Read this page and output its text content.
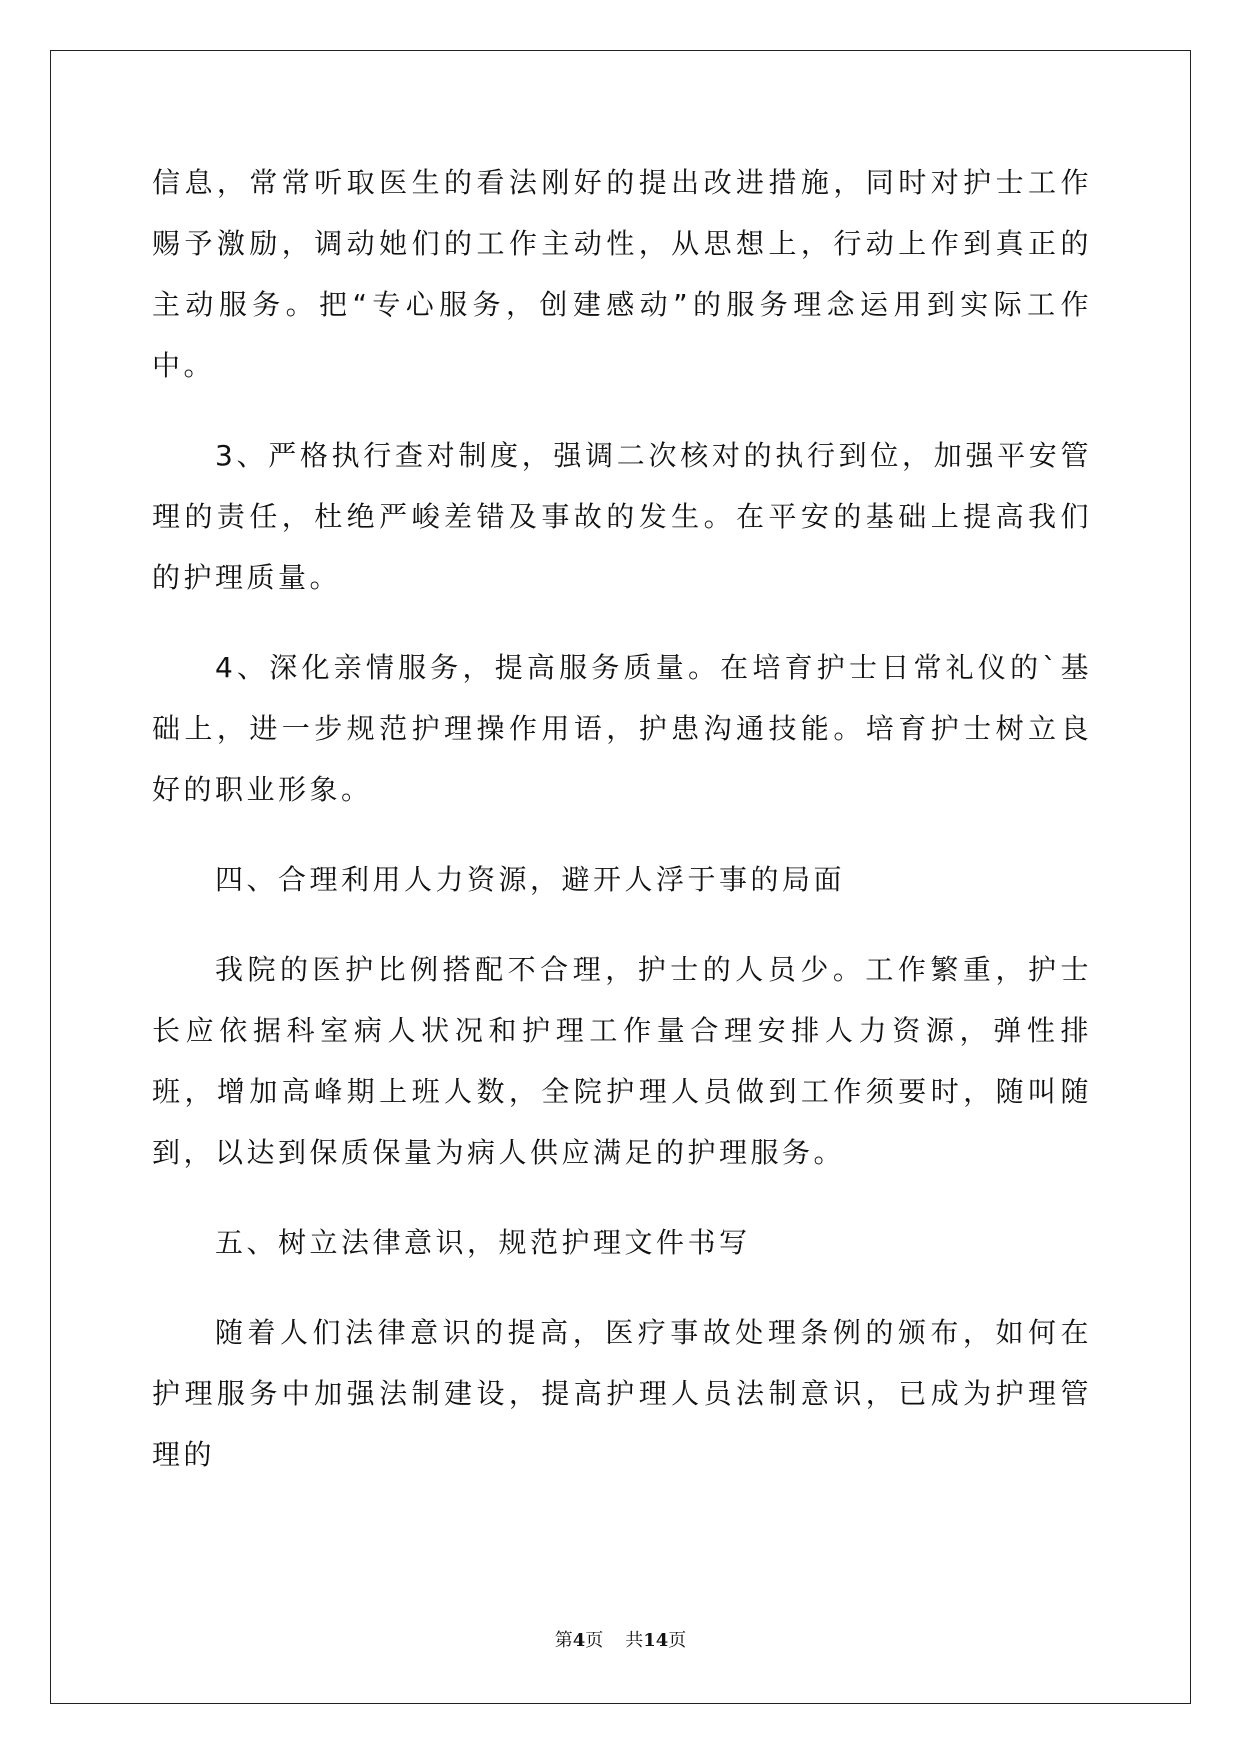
信息，常常听取医生的看法刚好的提出改进措施，同时对护士工作赐予激励，调动她们的工作主动性，从思想上，行动上作到真正的主动服务。把“专心服务，创建感动”的服务理念运用到实际工作中。

3、严格执行查对制度，强调二次核对的执行到位，加强平安管理的责任，杜绝严峻差错及事故的发生。在平安的基础上提高我们的护理质量。

4、深化亲情服务，提高服务质量。在培育护士日常礼仪的`基础上，进一步规范护理操作用语，护患沟通技能。培育护士树立良好的职业形象。

四、合理利用人力资源，避开人浮于事的局面

我院的医护比例搭配不合理，护士的人员少。工作繁重，护士长应依据科室病人状况和护理工作量合理安排人力资源，弹性排班，增加高峰期上班人数，全院护理人员做到工作须要时，随叫随到，以达到保质保量为病人供应满足的护理服务。

五、树立法律意识，规范护理文件书写

随着人们法律意识的提高，医疗事故处理条例的颁布，如何在护理服务中加强法制建设，提高护理人员法制意识，已成为护理管理的

第4页 共14页
